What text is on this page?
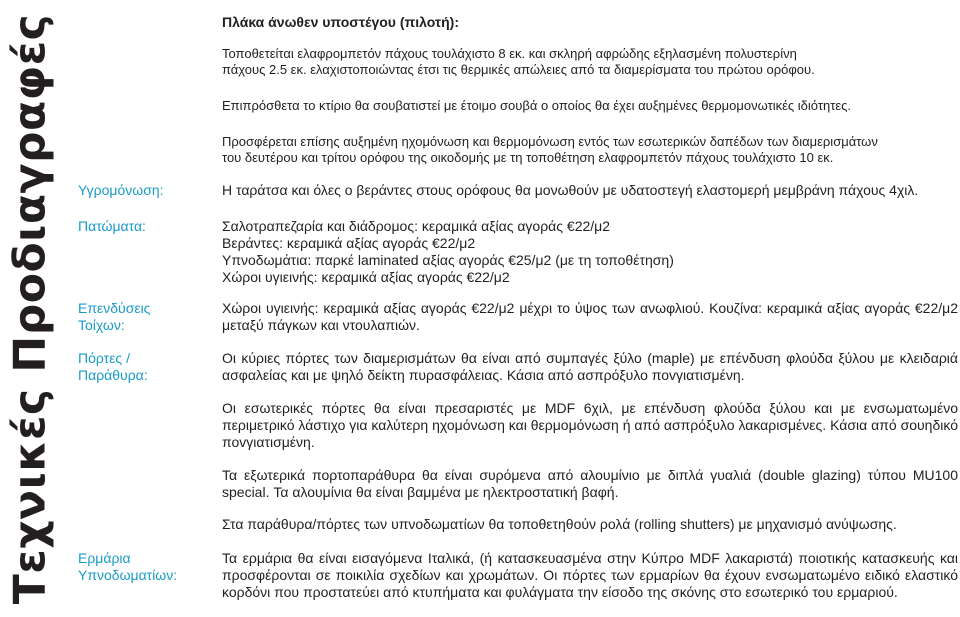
Τεχνικές Προδιαγραφές	Πλάκα άνωθεν υποστέγου (πιλοτή):
Τοποθετείται ελαφρομπετόν πάχους τουλάχιστο 8 εκ. και σκληρή αφρώδης εξηλασμένη πολυστερίνη
πάχους 2.5 εκ. ελαχιστοποιώντας έτσι τις θερμικές απώλειες από τα διαμερίσματα του πρώτου ορόφου.
Επιπρόσθετα το κτίριο θα σουβατιστεί με έτοιμο σουβά ο οποίος θα έχει αυξημένες θερμομονωτικές ιδιότητες.
Προσφέρεται επίσης αυξημένη ηχομόνωση και θερμομόνωση εντός των εσωτερικών δαπέδων των διαμερισμάτων
του δευτέρου και τρίτου ορόφου της οικοδομής με τη τοποθέτηση ελαφρομπετόν πάχους τουλάχιστο 10 εκ.
Υγρομόνωση:	Η ταράτσα και όλες ο βεράντες στους ορόφους θα μονωθούν με υδατοστεγή ελαστομερή μεμβράνη πάχους 4χιλ.
Πατώματα:	Σαλοτραπεζαρία και διάδρομος: κεραμικά αξίας αγοράς €22/μ2
Βεράντες: κεραμικά αξίας αγοράς €22/μ2
Υπνοδωμάτια: παρκέ laminated αξίας αγοράς €25/μ2 (με τη τοποθέτηση)
Χώροι υγιεινής: κεραμικά αξίας αγοράς €22/μ2
Επενδύσεις
Τοίχων:
Χώροι υγιεινής: κεραμικά αξίας αγοράς €22/μ2 μέχρι το ύψος των ανωφλιού. Κουζίνα: κεραμικά αξίας αγοράς €22/μ2 μεταξύ πάγκων και ντουλαπιών.
Πόρτες /
Παράθυρα:
Οι κύριες πόρτες των διαμερισμάτων θα είναι από συμπαγές ξύλο (maple) με επένδυση φλούδα ξύλου με κλειδαριά ασφαλείας και με ψηλό δείκτη πυρασφάλειας. Κάσια από ασπρόξυλο ποvγιατισμένη.
Οι εσωτερικές πόρτες θα είναι πρεσαριστές με MDF 6χιλ, με επένδυση φλούδα ξύλου και με ενσωματωμένο περιμετρικό λάστιχο για καλύτερη ηχομόνωση και θερμομόνωση ή από ασπρόξυλο λακαρισμένες. Κάσια από σουηδικό ποvγιατισμένη.
Τα εξωτερικά πορτοπαράθυρα θα είναι συρόμενα από αλουμίνιο με διπλά γυαλιά (double glazing) τύπου MU100 special. Τα αλουμίνια θα είναι βαμμένα με ηλεκτροστατική βαφή.
Στα παράθυρα/πόρτες των υπνοδωματίων θα τοποθετηθούν ρολά (rolling shutters) με μηχανισμό ανύψωσης.
Ερμάρια
Υπνοδωματίων:
Τα ερμάρια θα είναι εισαγόμενα Ιταλικά, (ή κατασκευασμένα στην Κύπρο MDF λακαριστά) ποιοτικής κατασκευής και προσφέρονται σε ποικιλία σχεδίων και χρωμάτων. Οι πόρτες των ερμαρίων θα έχουν ενσωματωμένο ειδικό ελαστικό κορδόνι που προστατεύει από κτυπήματα και φυλάγματα την είσοδο της σκόνης στο εσωτερικό του ερμαριού.
